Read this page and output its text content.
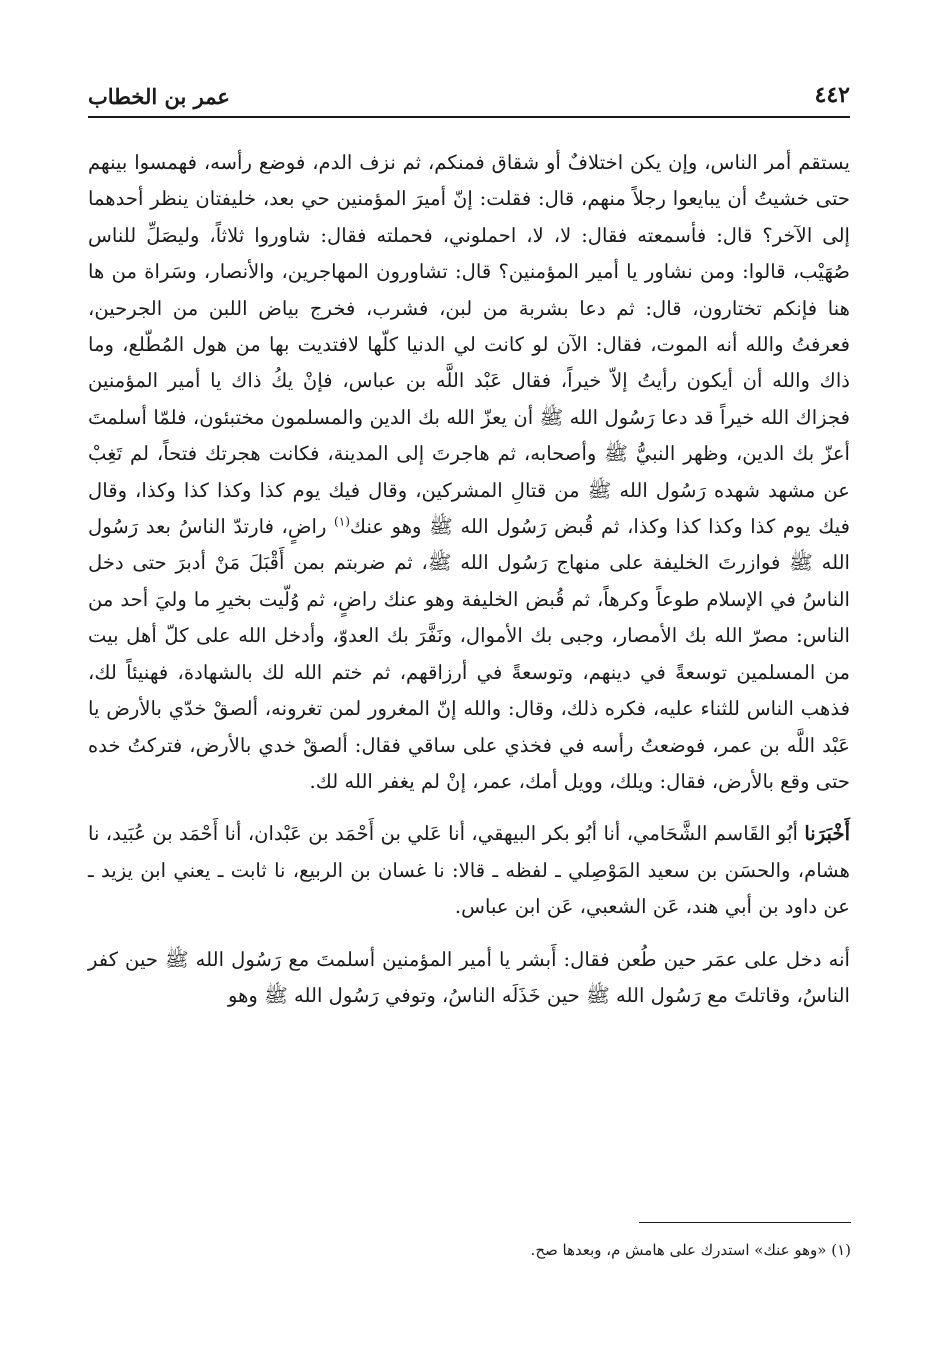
٤٤٢
عمر بن الخطاب

يستقم أمر الناس، وإن يكن اختلافٌ أو شقاق فمنكم، ثم نزف الدم، فوضع رأسه، فهمسوا بينهم حتى خشيتُ أن يبايعوا رجلاً منهم، قال: فقلت: إنّ أميرَ المؤمنين حي بعد، خليفتان ينظر أحدهما إلى الآخر؟ قال: فأسمعته فقال: لا، لا، احملوني، فحملته فقال: شاوروا ثلاثاً، وليصَلِّ للناس صُهَيْب، قالوا: ومن نشاور يا أمير المؤمنين؟ قال: تشاورون المهاجرين، والأنصار، وسَراة من ها هنا فإنكم تختارون، قال: ثم دعا بشربة من لبن، فشرب، فخرج بياض اللبن من الجرحين، فعرفتُ والله أنه الموت، فقال: الآن لو كانت لي الدنيا كلّها لافتديت بها من هول المُطّلع، وما ذاك والله أن أيكون رأيتُ إلاّ خيراً، فقال عَبْد اللَّه بن عباس، فإنْ يكُ ذاك يا أمير المؤمنين فجزاك الله خيراً قد دعا رَسُول الله ﷺ أن يعزّ الله بك الدين والمسلمون مختبئون، فلمّا أسلمتَ أعزّ بك الدين، وظهر النبيُّ ﷺ وأصحابه، ثم هاجرتَ إلى المدينة، فكانت هجرتك فتحاً، لم تَغِبْ عن مشهد شهده رَسُول الله ﷺ من قتالِ المشركين، وقال فيك يوم كذا وكذا كذا وكذا، وقال فيك يوم كذا وكذا كذا وكذا، ثم قُبض رَسُول الله ﷺ وهو عنك$^{(١)}$ راضٍ، فارتدّ الناسُ بعد رَسُول الله ﷺ فوازرتَ الخليفة على منهاج رَسُول الله ﷺ، ثم ضربتم بمن أَقْبَلَ مَنْ أدبرَ حتى دخل الناسُ في الإسلام طوعاً وكرهاً، ثم قُبض الخليفة وهو عنك راضٍ، ثم وُلّيت بخيرِ ما وليَ أحد من الناس: مصرّ الله بك الأمصار، وجبى بك الأموال، ونَفَّرَ بك العدوّ، وأدخل الله على كلّ أهل بيت من المسلمين توسعةً في دينهم، وتوسعةً في أرزاقهم، ثم ختم الله لك بالشهادة، فهنيئاً لك، فذهب الناس للثناء عليه، فكره ذلك، وقال: والله إنّ المغرور لمن تغرونه، ألصقْ خدّي بالأرض يا عَبْد اللَّه بن عمر، فوضعتُ رأسه في فخذي على ساقي فقال: ألصقْ خدي بالأرض، فتركتُ خده حتى وقع بالأرض، فقال: ويلك، وويل أمك، عمر، إنْ لم يغفر الله لك.

أَخْبَرَنا أبُو القَاسم الشَّحَامي، أنا أبُو بكر البيهقي، أنا عَلي بن أَحْمَد بن عَبْدان، أنا أَحْمَد بن عُبَيد، نا هشام، والحسَن بن سعيد المَوْصِلي ـ لفظه ـ قالا: نا غسان بن الربيع، نا ثابت ـ يعني ابن يزيد ـ عن داود بن أبي هند، عَن الشعبي، عَن ابن عباس.

أنه دخل على عمَر حين طُعن فقال: أَبشر يا أمير المؤمنين أسلمتَ مع رَسُول الله ﷺ حين كفر الناسُ، وقاتلتَ مع رَسُول الله ﷺ حين خَذَلَه الناسُ، وتوفي رَسُول الله ﷺ وهو

(١) «وهو عنك» استدرك على هامش م، وبعدها صح.
